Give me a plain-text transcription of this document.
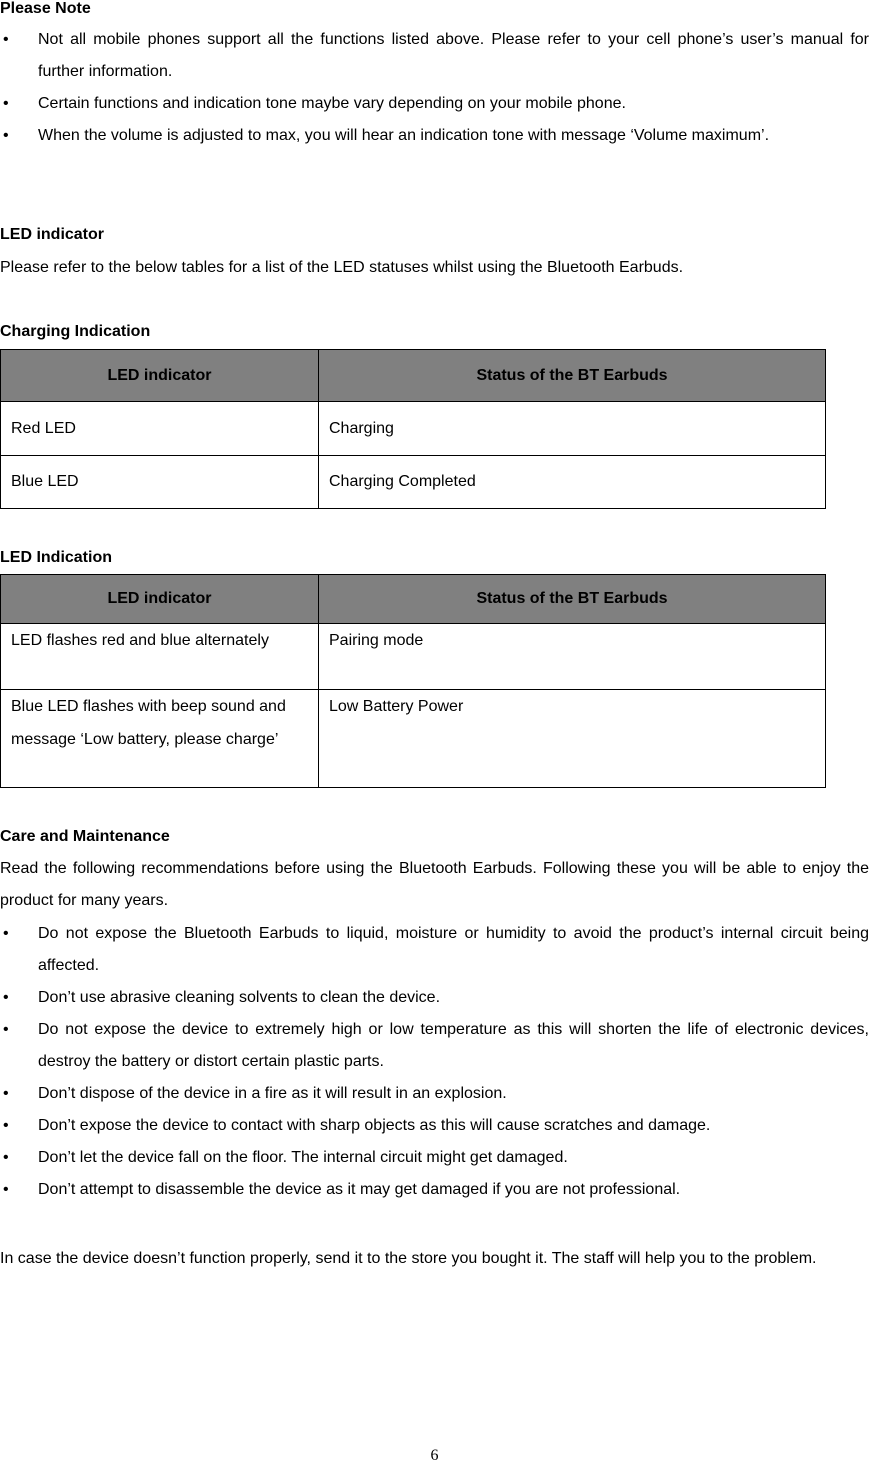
Please Note

• Not all mobile phones support all the functions listed above. Please refer to your cell phone’s user’s manual for further information.
• Certain functions and indication tone maybe vary depending on your mobile phone.
• When the volume is adjusted to max, you will hear an indication tone with message ‘Volume maximum’.

LED indicator

Please refer to the below tables for a list of the LED statuses whilst using the Bluetooth Earbuds.

Charging Indication

LED indicator	Status of the BT Earbuds
Red LED	Charging
Blue LED	Charging Completed

LED Indication

LED indicator	Status of the BT Earbuds
LED flashes red and blue alternately	Pairing mode
Blue LED flashes with beep sound and message ‘Low battery, please charge’	Low Battery Power

Care and Maintenance

Read the following recommendations before using the Bluetooth Earbuds. Following these you will be able to enjoy the product for many years.

• Do not expose the Bluetooth Earbuds to liquid, moisture or humidity to avoid the product’s internal circuit being affected.
• Don’t use abrasive cleaning solvents to clean the device.
• Do not expose the device to extremely high or low temperature as this will shorten the life of electronic devices, destroy the battery or distort certain plastic parts.
• Don’t dispose of the device in a fire as it will result in an explosion.
• Don’t expose the device to contact with sharp objects as this will cause scratches and damage.
• Don’t let the device fall on the floor. The internal circuit might get damaged.
• Don’t attempt to disassemble the device as it may get damaged if you are not professional.

In case the device doesn’t function properly, send it to the store you bought it. The staff will help you to the problem.

6
